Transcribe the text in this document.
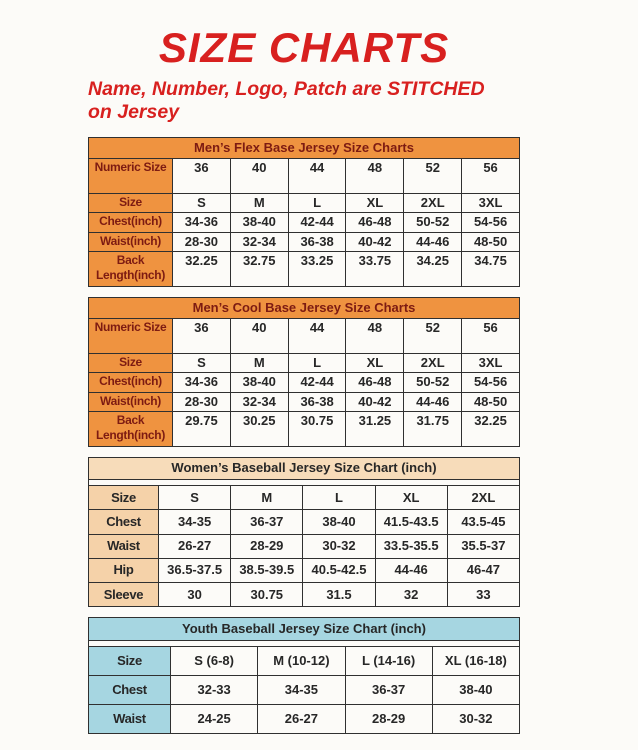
SIZE CHARTS

Name, Number, Logo, Patch are STITCHED
on Jersey

Men’s Flex Base Jersey Size Charts						
Numeric Size	36	40	44	48	52	56
Size	S	M	L	XL	2XL	3XL
Chest(inch)	34-36	38-40	42-44	46-48	50-52	54-56
Waist(inch)	28-30	32-34	36-38	40-42	44-46	48-50
Back Length(inch)	32.25	32.75	33.25	33.75	34.25	34.75
Men’s Cool Base Jersey Size Charts						
Numeric Size	36	40	44	48	52	56
Size	S	M	L	XL	2XL	3XL
Chest(inch)	34-36	38-40	42-44	46-48	50-52	54-56
Waist(inch)	28-30	32-34	36-38	40-42	44-46	48-50
Back Length(inch)	29.75	30.25	30.75	31.25	31.75	32.25
Women’s Baseball Jersey Size Chart (inch)					

Size	S	M	L	XL	2XL
Chest	34-35	36-37	38-40	41.5-43.5	43.5-45
Waist	26-27	28-29	30-32	33.5-35.5	35.5-37
Hip	36.5-37.5	38.5-39.5	40.5-42.5	44-46	46-47
Sleeve	30	30.75	31.5	32	33
Youth Baseball Jersey Size Chart (inch)				

Size	S (6-8)	M (10-12)	L (14-16)	XL (16-18)
Chest	32-33	34-35	36-37	38-40
Waist	24-25	26-27	28-29	30-32
